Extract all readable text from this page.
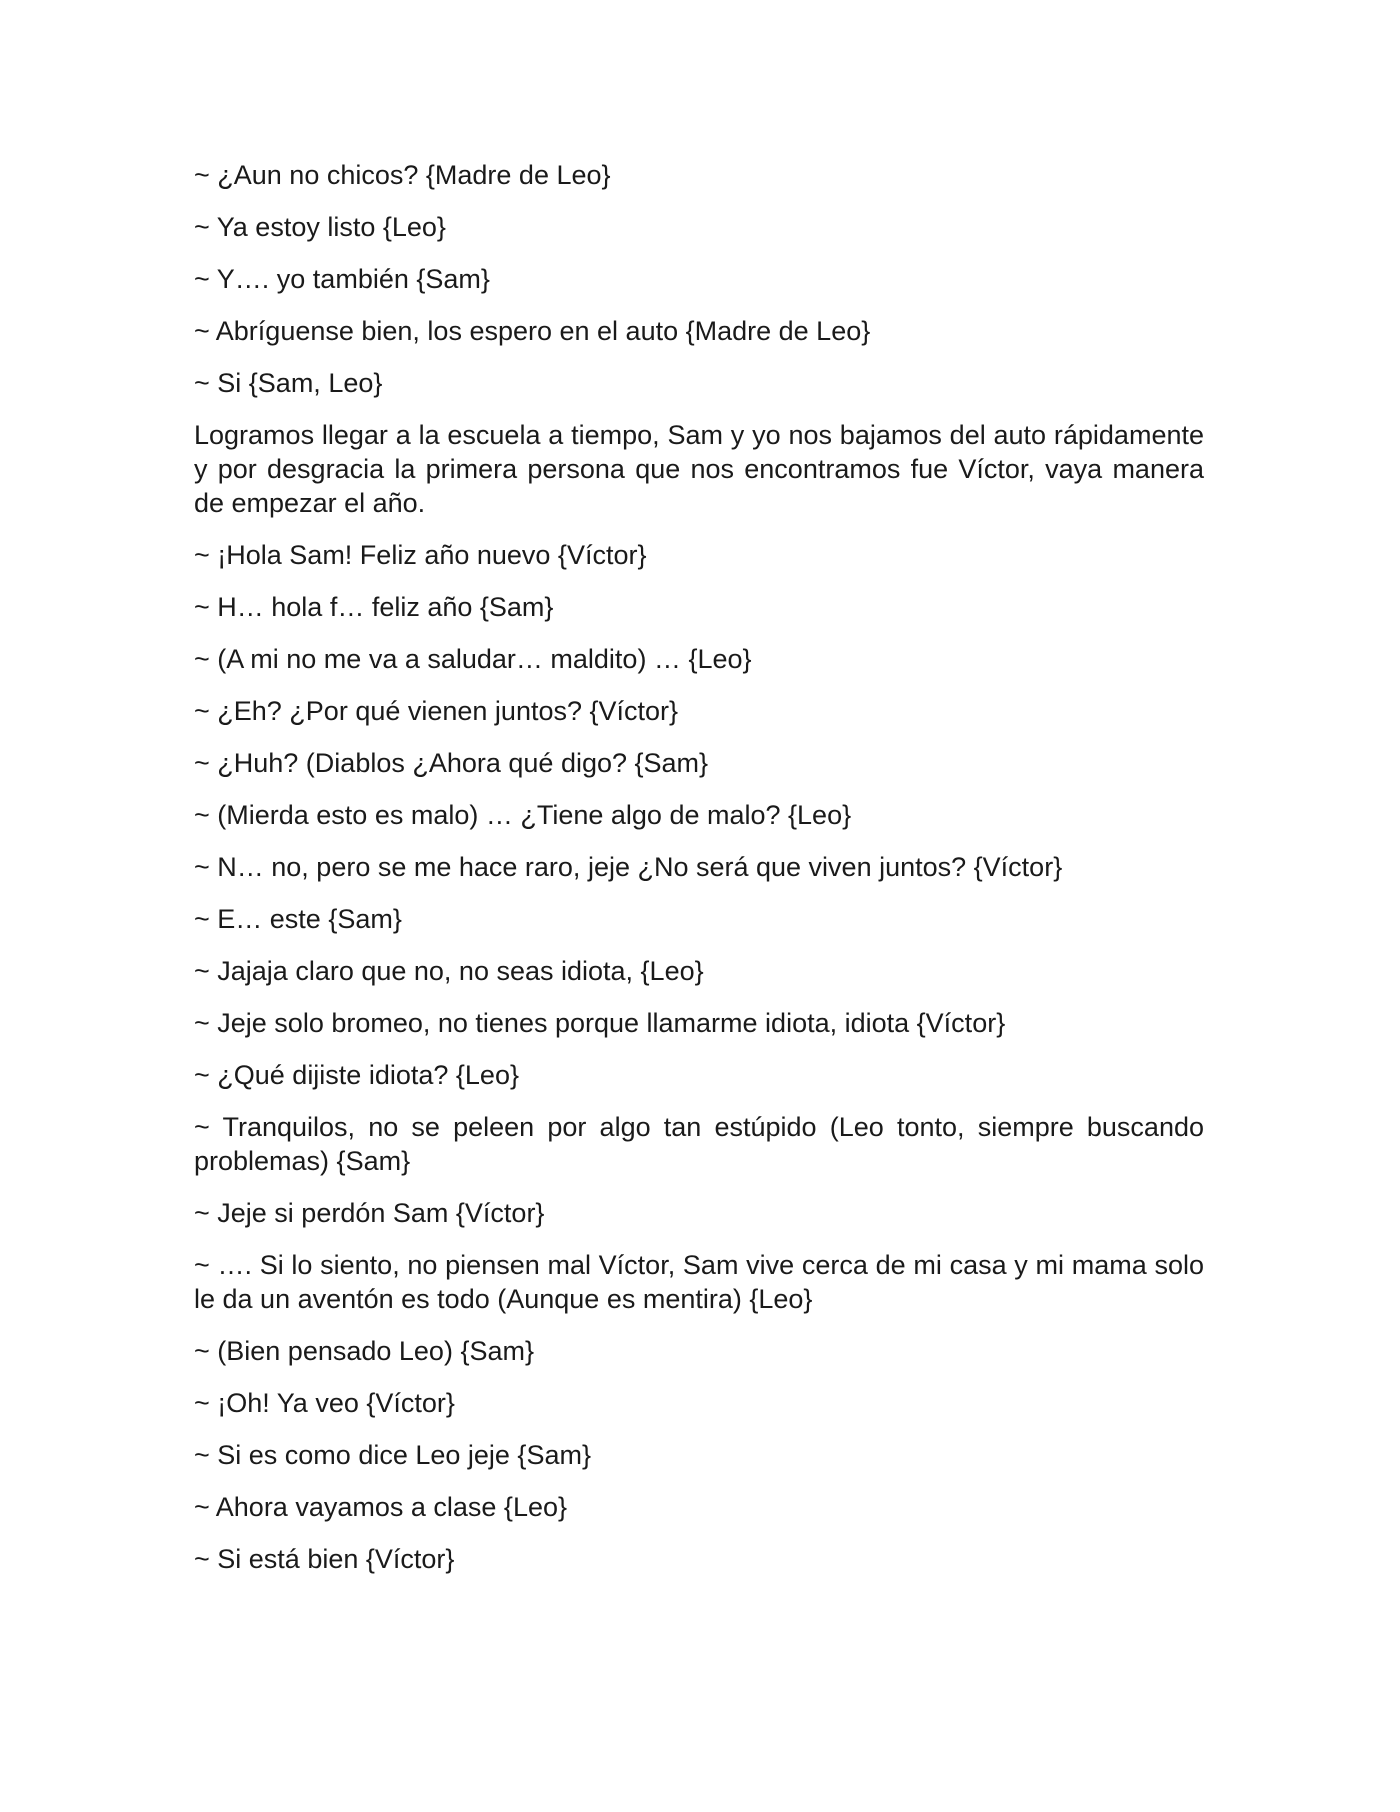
~ ¿Aun no chicos? {Madre de Leo}

~ Ya estoy listo {Leo}

~ Y…. yo también {Sam}

~ Abríguense bien, los espero en el auto {Madre de Leo}

~ Si {Sam, Leo}

Logramos llegar a la escuela a tiempo, Sam y yo nos bajamos del auto rápidamente y por desgracia la primera persona que nos encontramos fue Víctor, vaya manera de empezar el año.

~ ¡Hola Sam! Feliz año nuevo {Víctor}

~ H… hola f… feliz año {Sam}

~ (A mi no me va a saludar… maldito) … {Leo}

~ ¿Eh? ¿Por qué vienen juntos? {Víctor}

~ ¿Huh? (Diablos ¿Ahora qué digo? {Sam}

~ (Mierda esto es malo) … ¿Tiene algo de malo? {Leo}

~ N… no, pero se me hace raro, jeje ¿No será que viven juntos? {Víctor}

~ E… este {Sam}

~ Jajaja claro que no, no seas idiota, {Leo}

~ Jeje solo bromeo, no tienes porque llamarme idiota, idiota {Víctor}

~ ¿Qué dijiste idiota? {Leo}

~ Tranquilos, no se peleen por algo tan estúpido (Leo tonto, siempre buscando problemas) {Sam}

~ Jeje si perdón Sam {Víctor}

~ …. Si lo siento, no piensen mal Víctor, Sam vive cerca de mi casa y mi mama solo le da un aventón es todo (Aunque es mentira) {Leo}

~ (Bien pensado Leo) {Sam}

~ ¡Oh! Ya veo {Víctor}

~ Si es como dice Leo jeje {Sam}

~ Ahora vayamos a clase {Leo}

~ Si está bien {Víctor}
